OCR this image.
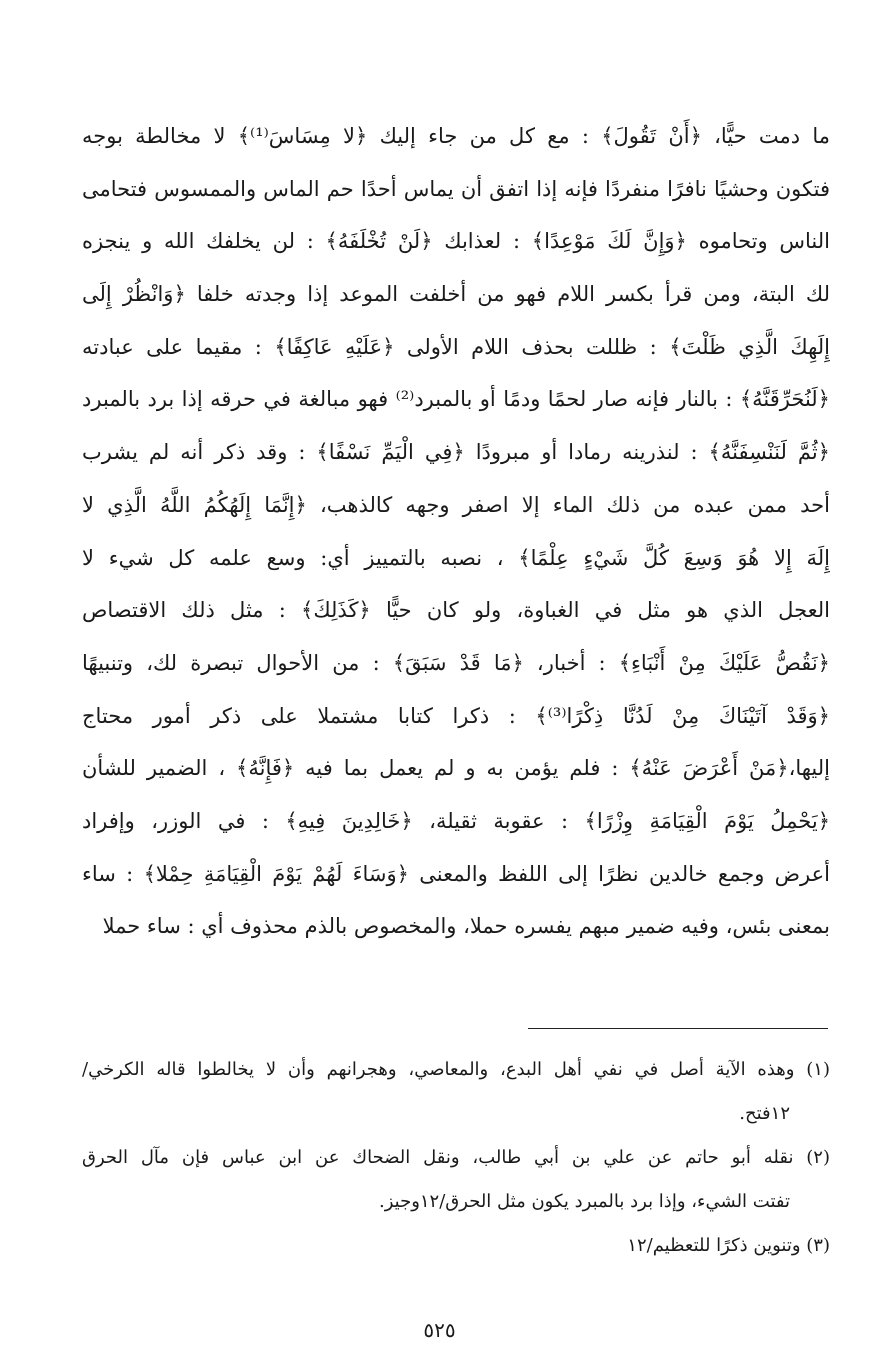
ما دمت حيًّا، ﴿أَنْ تَقُولَ﴾ : مع كل من جاء إليك ﴿لا مِسَاسَ⁽¹⁾﴾ لا مخالطة بوجه
فتكون وحشيًا نافرًا منفردًا فإنه إذا اتفق أن يماس أحدًا حم الماس والممسوس فتحامى
الناس وتحاموه ﴿وَإِنَّ لَكَ مَوْعِدًا﴾ : لعذابك ﴿لَنْ تُخْلَفَهُ﴾ : لن يخلفك الله و ينجزه
لك البتة، ومن قرأ بكسر اللام فهو من أخلفت الموعد إذا وجدته خلفا ﴿وَانْظُرْ إِلَى
إِلَهِكَ الَّذِي ظَلْتَ﴾ : ظللت بحذف اللام الأولى ﴿عَلَيْهِ عَاكِفًا﴾ : مقيما على عبادته
﴿لَنُحَرِّقَنَّهُ﴾ : بالنار فإنه صار لحمًا ودمًا أو بالمبرد⁽²⁾ فهو مبالغة في حرقه إذا برد بالمبرد
﴿ثُمَّ لَنَنْسِفَنَّهُ﴾ : لنذرينه رمادا أو مبرودًا ﴿فِي الْيَمِّ نَسْفًا﴾ : وقد ذكر أنه لم يشرب
أحد ممن عبده من ذلك الماء إلا اصفر وجهه كالذهب، ﴿إِنَّمَا إِلَهُكُمُ اللَّهُ الَّذِي لا
إِلَهَ إِلا هُوَ وَسِعَ كُلَّ شَيْءٍ عِلْمًا﴾ ، نصبه بالتمييز أي: وسع علمه كل شيء لا
العجل الذي هو مثل في الغباوة، ولو كان حيًّا ﴿كَذَلِكَ﴾ : مثل ذلك الاقتصاص
﴿نَقُصُّ عَلَيْكَ مِنْ أَنْبَاءِ﴾ : أخبار، ﴿مَا قَدْ سَبَقَ﴾ : من الأحوال تبصرة لك، وتنبيهًا
﴿وَقَدْ آتَيْنَاكَ مِنْ لَدُنَّا ذِكْرًا⁽³⁾﴾ : ذكرا كتابا مشتملا على ذكر أمور محتاج
إليها،﴿مَنْ أَعْرَضَ عَنْهُ﴾ : فلم يؤمن به و لم يعمل بما فيه ﴿فَإِنَّهُ﴾ ، الضمير للشأن
﴿يَحْمِلُ يَوْمَ الْقِيَامَةِ وِزْرًا﴾ : عقوبة ثقيلة، ﴿خَالِدِينَ فِيهِ﴾ : في الوزر، وإفراد
أعرض وجمع خالدين نظرًا إلى اللفظ والمعنى ﴿وَسَاءَ لَهُمْ يَوْمَ الْقِيَامَةِ حِمْلا﴾ : ساء
بمعنى بئس، وفيه ضمير مبهم يفسره حملا، والمخصوص بالذم محذوف أي : ساء حملا
(١) وهذه الآية أصل في نفي أهل البدع، والمعاصي، وهجرانهم وأن لا يخالطوا قاله الكرخي/
١٢فتح.
(٢) نقله أبو حاتم عن علي بن أبي طالب، ونقل الضحاك عن ابن عباس فإن مآل الحرق
تفتت الشيء، وإذا برد بالمبرد يكون مثل الحرق/١٢وجيز.
(٣) وتنوين ذكرًا للتعظيم/١٢
٥٢٥
